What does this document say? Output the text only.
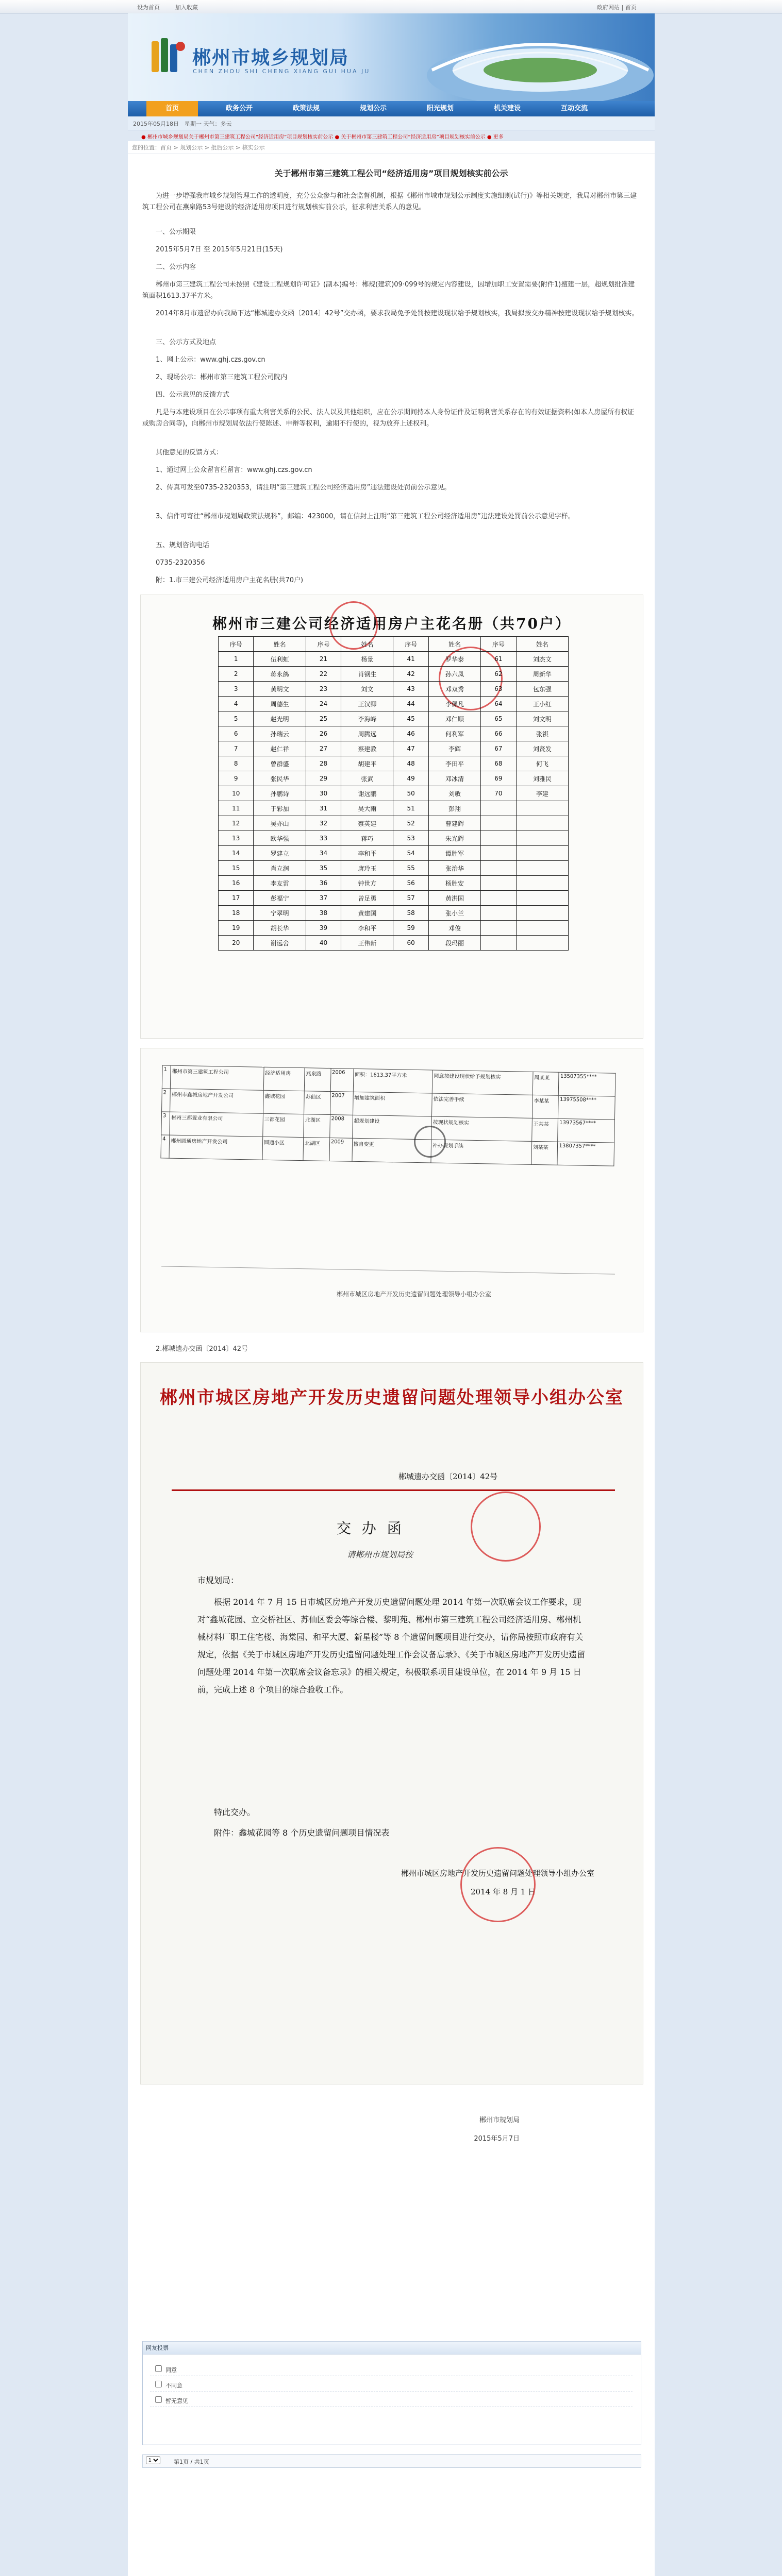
设为首页	加入收藏	政府网站 | 首页
郴州市城乡规划局
CHEN ZHOU SHI CHENG XIANG GUI HUA JU
首页	政务公开	政策法规	规划公示	阳光规划	机关建设	互动交流
2015年05月18日 星期一 天气：多云
● 郴州市城乡规划局关于郴州市第三建筑工程公司“经济适用房”项目规划核实前公示 ● 关于郴州市第三建筑工程公司“经济适用房”项目规划核实前公示 ● 更多
您的位置：首页 > 规划公示 > 批后公示 > 核实公示
关于郴州市第三建筑工程公司“经济适用房”项目规划核实前公示
为进一步增强我市城乡规划管理工作的透明度，充分公众参与和社会监督机制，根据《郴州市城市规划公示制度实施细则(试行)》等相关规定，我局对郴州市第三建筑工程公司在燕泉路53号建设的经济适用房项目进行规划核实前公示，征求利害关系人的意见。
一、公示期限
2015年5月7日 至 2015年5月21日(15天)
二、公示内容
郴州市第三建筑工程公司未按照《建设工程规划许可证》(副本)编号：郴规(建筑)09·099号的规定内容建设，因增加职工安置需要(附件1)擅建一层，超规划批准建筑面积1613.37平方米。
2014年8月市遗留办向我局下达“郴城遗办交函〔2014〕42号”交办函，要求我局免予处罚按建设现状给予规划核实，我局拟按交办精神按建设现状给予规划核实。
三、公示方式及地点
1、网上公示：www.ghj.czs.gov.cn
2、现场公示：郴州市第三建筑工程公司院内
四、公示意见的反馈方式
凡是与本建设项目在公示事项有重大利害关系的公民、法人以及其他组织，应在公示期间持本人身份证件及证明利害关系存在的有效证据资料(如本人房屋所有权证或购房合同等)，向郴州市规划局依法行使陈述、申辩等权利，逾期不行使的，视为放弃上述权利。
其他意见的反馈方式：
1、通过网上公众留言栏留言：www.ghj.czs.gov.cn
2、传真可发至0735-2320353，请注明“第三建筑工程公司经济适用房”违法建设处罚前公示意见。
3、信件可寄往“郴州市规划局政策法规科”，邮编：423000，请在信封上注明“第三建筑工程公司经济适用房”违法建设处罚前公示意见字样。
五、规划咨询电话
0735-2320356
附：1.市三建公司经济适用房户主花名册(共70户)
郴州市三建公司经济适用房户主花名册（共70户）
序号	姓名	序号	姓名	序号	姓名	序号	姓名
1	伍利虹	21	杨景	41	罗华泰	61	刘杰文
2	蒋永鸽	22	肖钢生	42	孙六凤	62	周新华
3	黄明文	23	刘文	43	邓双秀	63	包东强
4	周德生	24	王汉卿	44	李佩凡	64	王小红
5	赵光明	25	李海峰	45	邓仁顺	65	刘文明
6	孙瑞云	26	周腾远	46	何利军	66	张祺
7	赵仁祥	27	蔡建教	47	李辉	67	刘贤发
8	曾群盛	28	胡建平	48	李田平	68	何飞
9	张民华	29	张武	49	邓冰清	69	刘雅民
10	孙鹏诗	30	谢远鹏	50	刘敏	70	李建
11	于彩加	31	吴大雨	51	彭翔		
12	吴亦山	32	蔡英建	52	曹建辉		
13	欧华强	33	蒋巧	53	朱光辉		
14	罗建立	34	李和平	54	谭胜军		
15	肖立润	35	唐玲玉	55	张治华		
16	李友雷	36	钟世方	56	杨胜安		
17	彭福宁	37	曾足勇	57	黄洪国		
18	宁翠明	38	黄建国	58	张小兰		
19	胡长华	39	李和平	59	邓俊		
20	谢远舍	40	王伟新	60	段玛丽		
1	郴州市第三建筑工程公司	经济适用房	燕泉路	2006	面积：1613.37平方米	同意按建设现状给予规划核实	周某某	13507355****
2	郴州市鑫城房地产开发公司	鑫城花园	苏仙区	2007	增加建筑面积	依法完善手续	李某某	13975508****
3	郴州三都置业有限公司	三都花园	北湖区	2008	超规划建设	按现状规划核实	王某某	13973567****
4	郴州圆通房地产开发公司	圆通小区	北湖区	2009	擅自变更	补办规划手续	刘某某	13807357****
郴州市城区房地产开发历史遗留问题处理领导小组办公室
2.郴城遗办交函〔2014〕42号
郴州市城区房地产开发历史遗留问题处理领导小组办公室
郴城遗办交函〔2014〕42号
交 办 函
请郴州市规划局按
市规划局：
根据 2014 年 7 月 15 日市城区房地产开发历史遗留问题处理 2014 年第一次联席会议工作要求，现对“鑫城花园、立交桥社区、苏仙区委会等综合楼、黎明苑、郴州市第三建筑工程公司经济适用房、郴州机械材料厂职工住宅楼、海棠园、和平大厦、新星楼”等 8 个遗留问题项目进行交办，请你局按照市政府有关规定，依据《关于市城区房地产开发历史遗留问题处理工作会议备忘录》、《关于市城区房地产开发历史遗留问题处理 2014 年第一次联席会议备忘录》的相关规定，积极联系项目建设单位，在 2014 年 9 月 15 日前，完成上述 8 个项目的综合验收工作。
特此交办。
附件：鑫城花园等 8 个历史遗留问题项目情况表
郴州市城区房地产开发历史遗留问题处理领导小组办公室
2014 年 8 月 1 日
郴州市规划局
2015年5月7日
网友投票
同意
不同意
暂无意见
1
第1页 / 共1页
